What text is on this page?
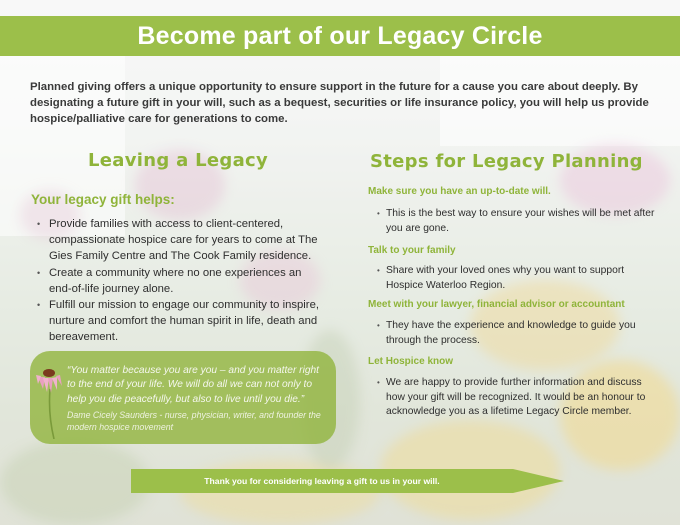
Become part of our Legacy Circle

Planned giving offers a unique opportunity to ensure support in the future for a cause you care about deeply. By designating a future gift in your will, such as a bequest, securities or life insurance policy, you will help us provide hospice/palliative care for generations to come.

Leaving a Legacy
Your legacy gift helps:
• Provide families with access to client-centered, compassionate hospice care for years to come at The Gies Family Centre and The Cook Family residence.
• Create a community where no one experiences an end-of-life journey alone.
• Fulfill our mission to engage our community to inspire, nurture and comfort the human spirit in life, death and bereavement.
“You matter because you are you – and you matter right to the end of your life. We will do all we can not only to help you die peacefully, but also to live until you die.”
Dame Cicely Saunders - nurse, physician, writer, and founder the modern hospice movement
Steps for Legacy Planning
Make sure you have an up-to-date will.
• This is the best way to ensure your wishes will be met after you are gone.
Talk to your family
• Share with your loved ones why you want to support Hospice Waterloo Region.
Meet with your lawyer, financial advisor or accountant
• They have the experience and knowledge to guide you through the process.
Let Hospice know
• We are happy to provide further information and discuss how your gift will be recognized. It would be an honour to acknowledge you as a lifetime Legacy Circle member.
Thank you for considering leaving a gift to us in your will.
